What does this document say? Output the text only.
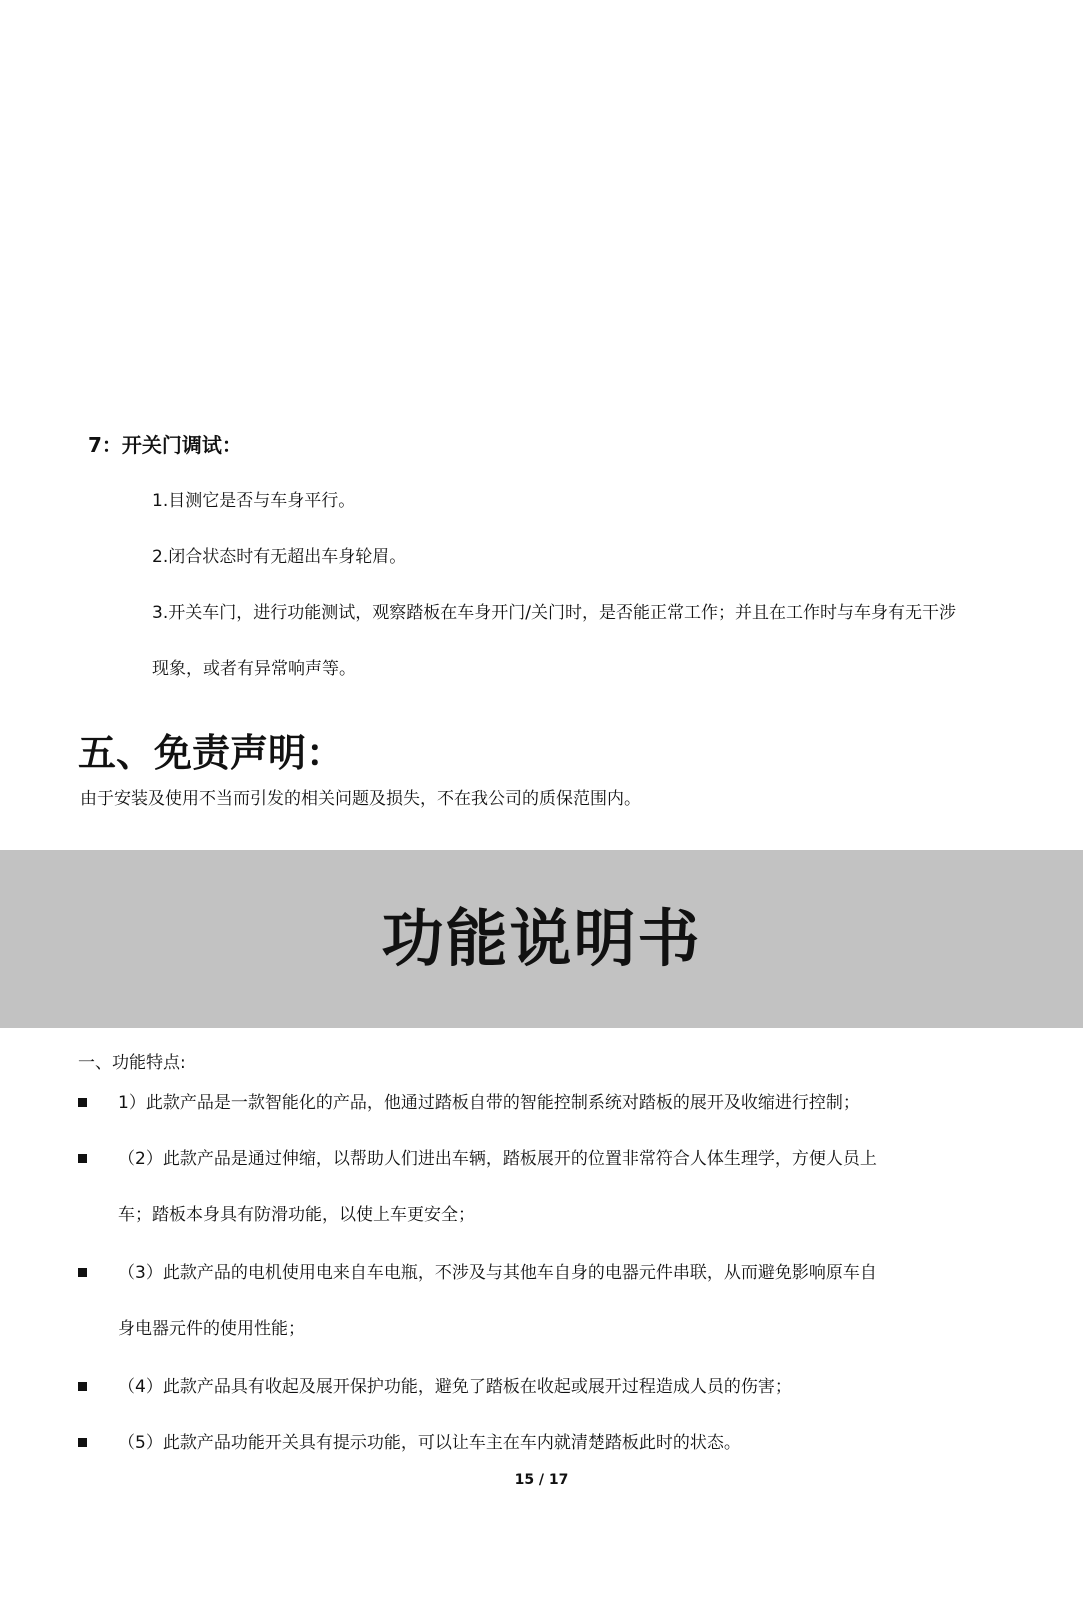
7：开关门调试：
1.目测它是否与车身平行。
2.闭合状态时有无超出车身轮眉。
3.开关车门，进行功能测试，观察踏板在车身开门/关门时，是否能正常工作；并且在工作时与车身有无干涉
现象，或者有异常响声等。
五、免责声明：
由于安装及使用不当而引发的相关问题及损失，不在我公司的质保范围内。
功能说明书
一、功能特点:
1）此款产品是一款智能化的产品，他通过踏板自带的智能控制系统对踏板的展开及收缩进行控制；
（2）此款产品是通过伸缩，以帮助人们进出车辆，踏板展开的位置非常符合人体生理学，方便人员上
车；踏板本身具有防滑功能，以使上车更安全；
（3）此款产品的电机使用电来自车电瓶，不涉及与其他车自身的电器元件串联，从而避免影响原车自
身电器元件的使用性能；
（4）此款产品具有收起及展开保护功能，避免了踏板在收起或展开过程造成人员的伤害；
（5）此款产品功能开关具有提示功能，可以让车主在车内就清楚踏板此时的状态。
15 / 17
